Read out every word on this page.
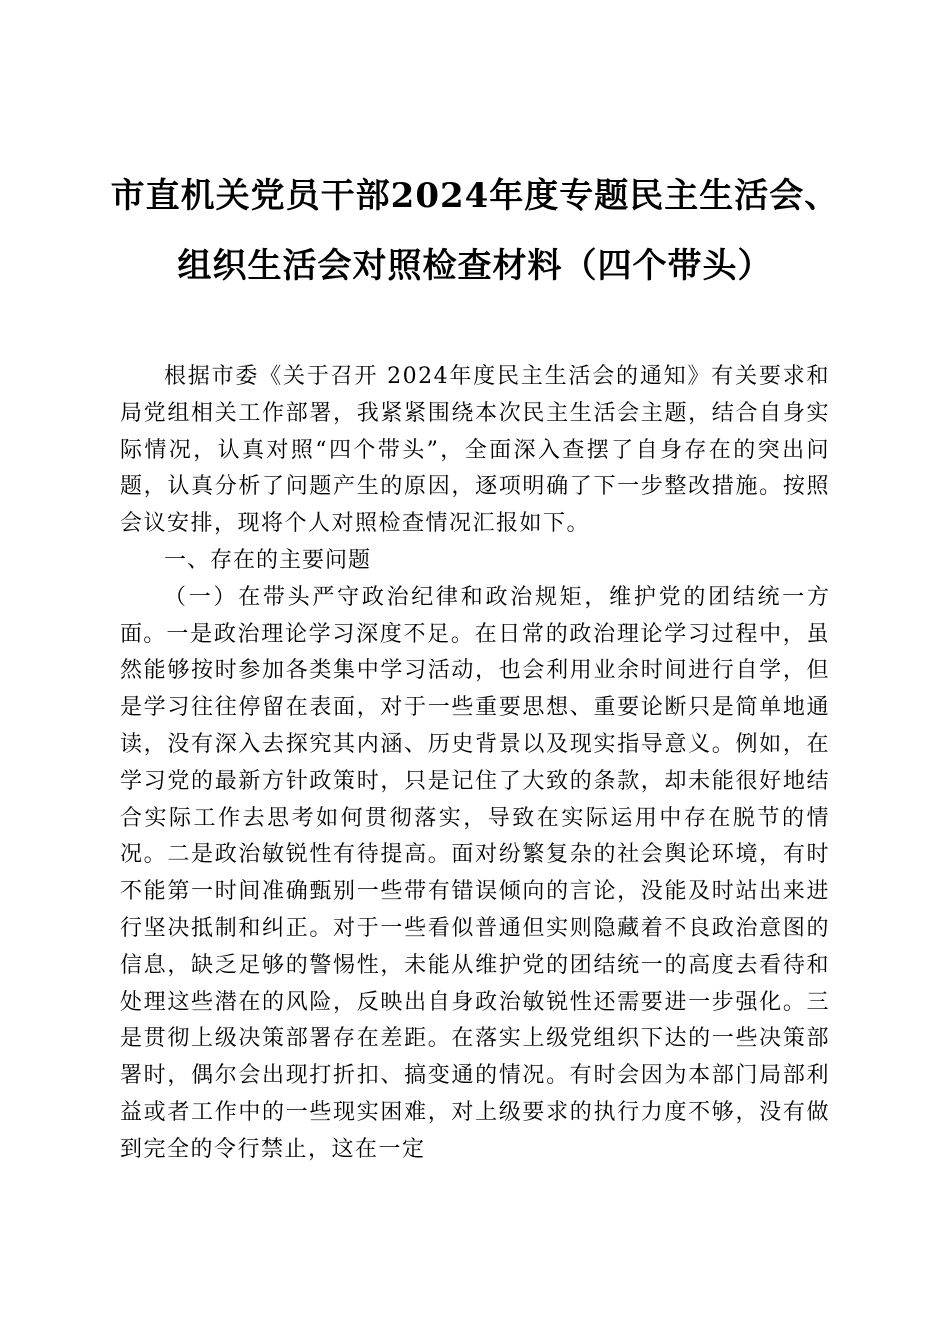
市直机关党员干部2024年度专题民主生活会、
组织生活会对照检查材料（四个带头）

根据市委《关于召开 2024年度民主生活会的通知》有关要求和局党组相关工作部署，我紧紧围绕本次民主生活会主题，结合自身实际情况，认真对照“四个带头”，全面深入查摆了自身存在的突出问题，认真分析了问题产生的原因，逐项明确了下一步整改措施。按照会议安排，现将个人对照检查情况汇报如下。

一、存在的主要问题

（一）在带头严守政治纪律和政治规矩，维护党的团结统一方面。一是政治理论学习深度不足。在日常的政治理论学习过程中，虽然能够按时参加各类集中学习活动，也会利用业余时间进行自学，但是学习往往停留在表面，对于一些重要思想、重要论断只是简单地通读，没有深入去探究其内涵、历史背景以及现实指导意义。例如，在学习党的最新方针政策时，只是记住了大致的条款，却未能很好地结合实际工作去思考如何贯彻落实，导致在实际运用中存在脱节的情况。二是政治敏锐性有待提高。面对纷繁复杂的社会舆论环境，有时不能第一时间准确甄别一些带有错误倾向的言论，没能及时站出来进行坚决抵制和纠正。对于一些看似普通但实则隐藏着不良政治意图的信息，缺乏足够的警惕性，未能从维护党的团结统一的高度去看待和处理这些潜在的风险，反映出自身政治敏锐性还需要进一步强化。三是贯彻上级决策部署存在差距。在落实上级党组织下达的一些决策部署时，偶尔会出现打折扣、搞变通的情况。有时会因为本部门局部利益或者工作中的一些现实困难，对上级要求的执行力度不够，没有做到完全的令行禁止，这在一定
